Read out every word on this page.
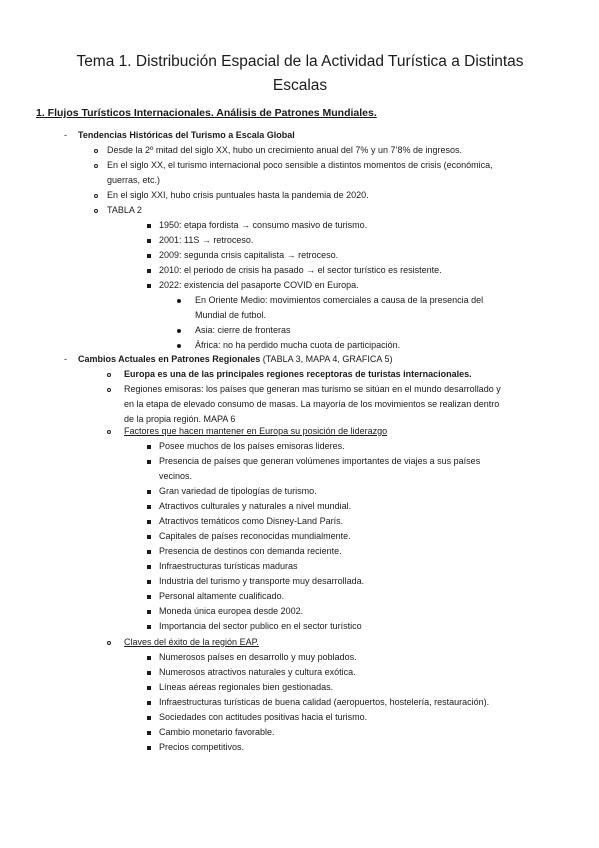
Tema 1. Distribución Espacial de la Actividad Turística a Distintas
Escalas
1. Flujos Turísticos Internacionales. Análisis de Patrones Mundiales.
- Tendencias Históricas del Turismo a Escala Global
Desde la 2º mitad del siglo XX, hubo un crecimiento anual del 7% y un 7’8% de ingresos.
En el siglo XX, el turismo internacional poco sensible a distintos momentos de crisis (económica,
guerras, etc.)
En el siglo XXI, hubo crisis puntuales hasta la pandemia de 2020.
TABLA 2
1950: etapa fordista → consumo masivo de turismo.
2001: 11S → retroceso.
2009: segunda crisis capitalista → retroceso.
2010: el periodo de crisis ha pasado → el sector turístico es resistente.
2022: existencia del pasaporte COVID en Europa.
En Oriente Medio: movimientos comerciales a causa de la presencia del
Mundial de futbol.
Asia: cierre de fronteras
África: no ha perdido mucha cuota de participación.
- Cambios Actuales en Patrones Regionales (TABLA 3, MAPA 4, GRAFICA 5)
Europa es una de las principales regiones receptoras de turistas internacionales.
Regiones emisoras: los países que generan mas turismo se sitúan en el mundo desarrollado y
en la etapa de elevado consumo de masas. La mayoría de los movimientos se realizan dentro
de la propia región. MAPA 6
Factores que hacen mantener en Europa su posición de liderazgo
Posee muchos de los países emisoras lideres.
Presencia de países que generan volúmenes importantes de viajes a sus países
vecinos.
Gran variedad de tipologías de turismo.
Atractivos culturales y naturales a nivel mundial.
Atractivos temáticos como Disney-Land París.
Capitales de países reconocidas mundialmente.
Presencia de destinos con demanda reciente.
Infraestructuras turísticas maduras
Industria del turismo y transporte muy desarrollada.
Personal altamente cualificado.
Moneda única europea desde 2002.
Importancia del sector publico en el sector turístico
Claves del éxito de la región EAP.
Numerosos países en desarrollo y muy poblados.
Numerosos atractivos naturales y cultura exótica.
Líneas aéreas regionales bien gestionadas.
Infraestructuras turísticas de buena calidad (aeropuertos, hostelería, restauración).
Sociedades con actitudes positivas hacia el turismo.
Cambio monetario favorable.
Precios competitivos.
